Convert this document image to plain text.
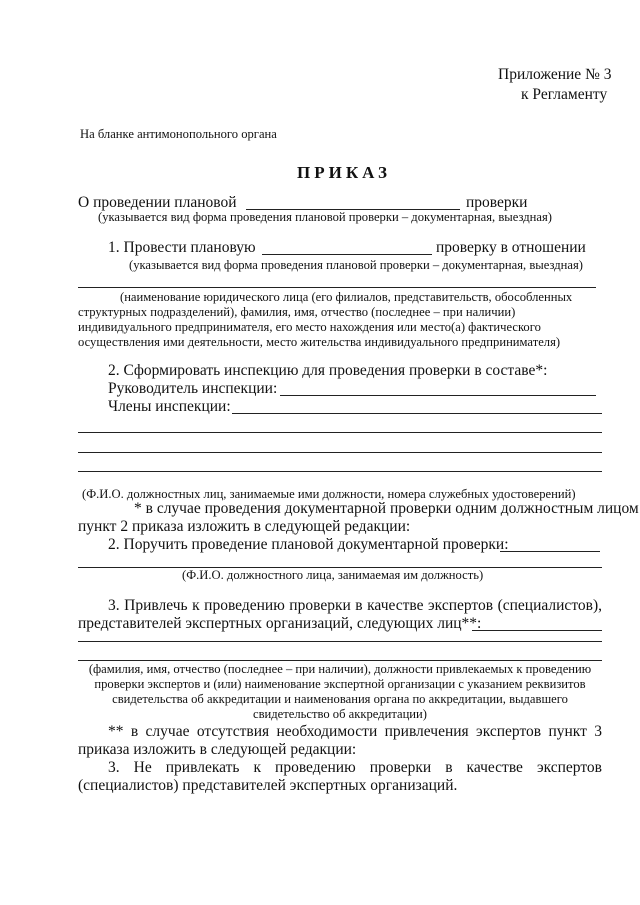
Приложение № 3
к Регламенту
На бланке антимонопольного органа
ПРИКАЗ
О проведении плановой	проверки
(указывается вид форма проведения плановой проверки – документарная, выездная)
1. Провести плановую	проверку в отношении
(указывается вид форма проведения плановой проверки – документарная, выездная)
(наименование юридического лица (его филиалов, представительств, обособленных
структурных подразделений), фамилия, имя, отчество (последнее – при наличии)
индивидуального предпринимателя, его место нахождения или место(а) фактического
осуществления ими деятельности, место жительства индивидуального предпринимателя)
2. Сформировать инспекцию для проведения проверки в составе*:
Руководитель инспекции:
Члены инспекции:
(Ф.И.О. должностных лиц, занимаемые ими должности, номера служебных удостоверений)
* в случае проведения документарной проверки одним должностным лицом
пункт 2 приказа изложить в следующей редакции:
2. Поручить проведение плановой документарной проверки:
(Ф.И.О. должностного лица, занимаемая им должность)
3. Привлечь к проведению проверки в качестве экспертов (специалистов),
представителей экспертных организаций, следующих лиц**:
(фамилия, имя, отчество (последнее – при наличии), должности привлекаемых к проведению
проверки экспертов и (или) наименование экспертной организации с указанием реквизитов
свидетельства об аккредитации и наименования органа по аккредитации, выдавшего
свидетельство об аккредитации)
** в случае отсутствия необходимости привлечения экспертов пункт 3
приказа изложить в следующей редакции:
3. Не привлекать к проведению проверки в качестве экспертов
(специалистов) представителей экспертных организаций.
